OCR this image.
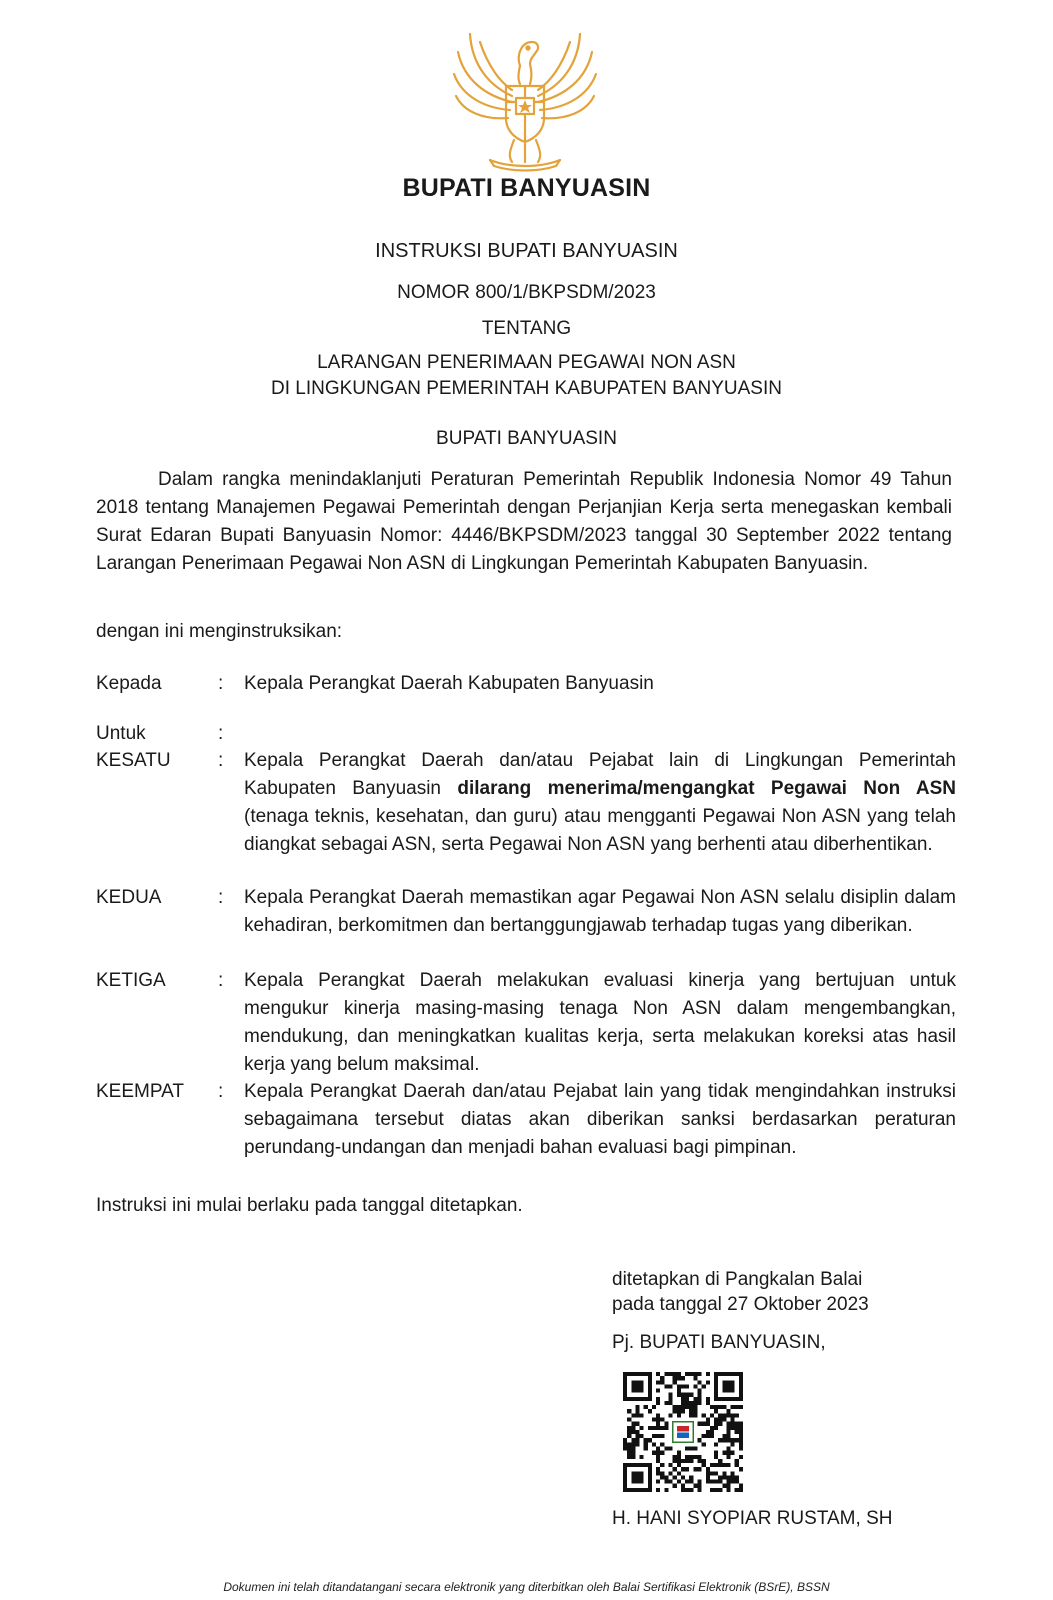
BUPATI BANYUASIN
INSTRUKSI BUPATI BANYUASIN
NOMOR 800/1/BKPSDM/2023
TENTANG
LARANGAN PENERIMAAN PEGAWAI NON ASN
DI LINGKUNGAN PEMERINTAH KABUPATEN BANYUASIN
BUPATI BANYUASIN
Dalam rangka menindaklanjuti Peraturan Pemerintah Republik Indonesia Nomor 49 Tahun 2018 tentang Manajemen Pegawai Pemerintah dengan Perjanjian Kerja serta menegaskan kembali Surat Edaran Bupati Banyuasin Nomor: 4446/BKPSDM/2023 tanggal 30 September 2022 tentang Larangan Penerimaan Pegawai Non ASN di Lingkungan Pemerintah Kabupaten Banyuasin.
dengan ini menginstruksikan:
Kepada	: Kepala Perangkat Daerah Kabupaten Banyuasin
Untuk	:
KESATU : Kepala Perangkat Daerah dan/atau Pejabat lain di Lingkungan Pemerintah Kabupaten Banyuasin dilarang menerima/mengangkat Pegawai Non ASN (tenaga teknis, kesehatan, dan guru) atau mengganti Pegawai Non ASN yang telah diangkat sebagai ASN, serta Pegawai Non ASN yang berhenti atau diberhentikan.
KEDUA	: Kepala Perangkat Daerah memastikan agar Pegawai Non ASN selalu disiplin dalam kehadiran, berkomitmen dan bertanggungjawab terhadap tugas yang diberikan.
KETIGA	: Kepala Perangkat Daerah melakukan evaluasi kinerja yang bertujuan untuk mengukur kinerja masing-masing tenaga Non ASN dalam mengembangkan, mendukung, dan meningkatkan kualitas kerja, serta melakukan koreksi atas hasil kerja yang belum maksimal.
KEEMPAT : Kepala Perangkat Daerah dan/atau Pejabat lain yang tidak mengindahkan instruksi sebagaimana tersebut diatas akan diberikan sanksi berdasarkan peraturan perundang-undangan dan menjadi bahan evaluasi bagi pimpinan.
Instruksi ini mulai berlaku pada tanggal ditetapkan.
ditetapkan di Pangkalan Balai
pada tanggal 27 Oktober 2023
Pj. BUPATI BANYUASIN,
H. HANI SYOPIAR RUSTAM, SH
Dokumen ini telah ditandatangani secara elektronik yang diterbitkan oleh Balai Sertifikasi Elektronik (BSrE), BSSN
